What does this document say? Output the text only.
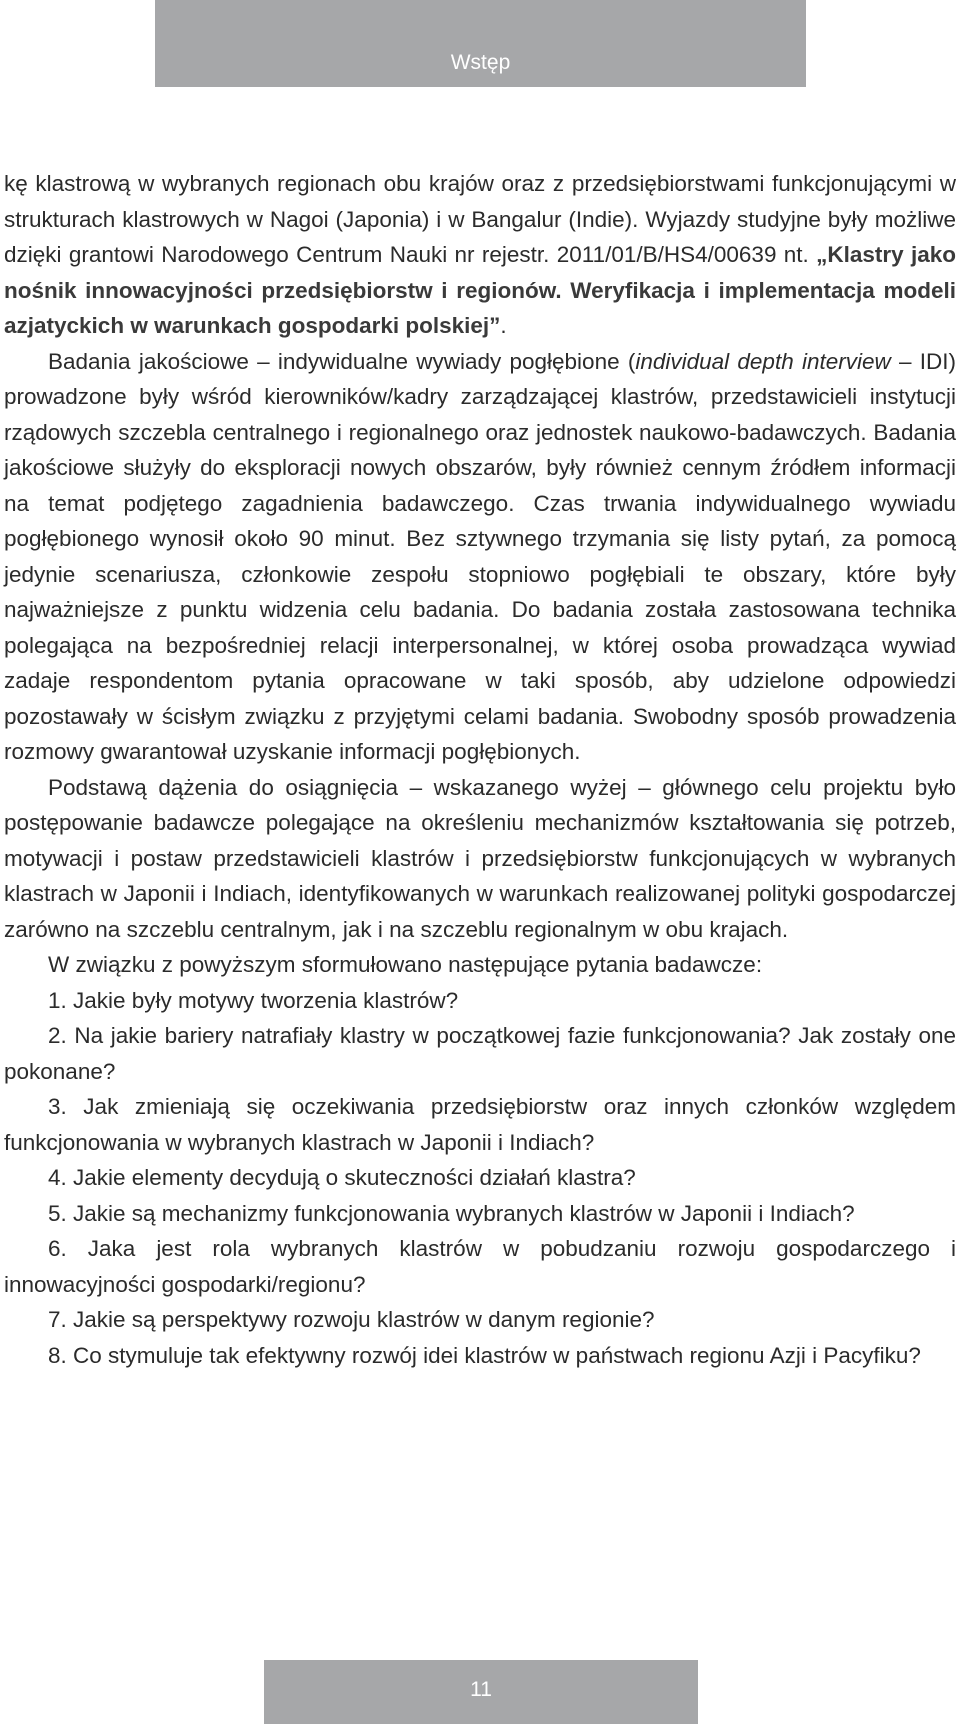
Wstęp

kę klastrową w wybranych regionach obu krajów oraz z przedsiębiorstwami funkcjonującymi w strukturach klastrowych w Nagoi (Japonia) i w Bangalur (Indie). Wyjazdy studyjne były możliwe dzięki grantowi Narodowego Centrum Nauki nr rejestr. 2011/01/B/HS4/00639 nt. „Klastry jako nośnik innowacyjności przedsiębiorstw i regionów. Weryfikacja i implementacja modeli azjatyckich w warunkach gospodarki polskiej”.

Badania jakościowe – indywidualne wywiady pogłębione (individual depth interview – IDI) prowadzone były wśród kierowników/kadry zarządzającej klastrów, przedstawicieli instytucji rządowych szczebla centralnego i regionalnego oraz jednostek naukowo-badawczych. Badania jakościowe służyły do eksploracji nowych obszarów, były również cennym źródłem informacji na temat podjętego zagadnienia badawczego. Czas trwania indywidualnego wywiadu pogłębionego wynosił około 90 minut. Bez sztywnego trzymania się listy pytań, za pomocą jedynie scenariusza, członkowie zespołu stopniowo pogłębiali te obszary, które były najważniejsze z punktu widzenia celu badania. Do badania została zastosowana technika polegająca na bezpośredniej relacji interpersonalnej, w której osoba prowadząca wywiad zadaje respondentom pytania opracowane w taki sposób, aby udzielone odpowiedzi pozostawały w ścisłym związku z przyjętymi celami badania. Swobodny sposób prowadzenia rozmowy gwarantował uzyskanie informacji pogłębionych.

Podstawą dążenia do osiągnięcia – wskazanego wyżej – głównego celu projektu było postępowanie badawcze polegające na określeniu mechanizmów kształtowania się potrzeb, motywacji i postaw przedstawicieli klastrów i przedsiębiorstw funkcjonujących w wybranych klastrach w Japonii i Indiach, identyfikowanych w warunkach realizowanej polityki gospodarczej zarówno na szczeblu centralnym, jak i na szczeblu regionalnym w obu krajach.

W związku z powyższym sformułowano następujące pytania badawcze:

1. Jakie były motywy tworzenia klastrów?

2. Na jakie bariery natrafiały klastry w początkowej fazie funkcjonowania? Jak zostały one pokonane?

3. Jak zmieniają się oczekiwania przedsiębiorstw oraz innych członków względem funkcjonowania w wybranych klastrach w Japonii i Indiach?

4. Jakie elementy decydują o skuteczności działań klastra?

5. Jakie są mechanizmy funkcjonowania wybranych klastrów w Japonii i Indiach?

6. Jaka jest rola wybranych klastrów w pobudzaniu rozwoju gospodarczego i innowacyjności gospodarki/regionu?

7. Jakie są perspektywy rozwoju klastrów w danym regionie?

8. Co stymuluje tak efektywny rozwój idei klastrów w państwach regionu Azji i Pacyfiku?

11
